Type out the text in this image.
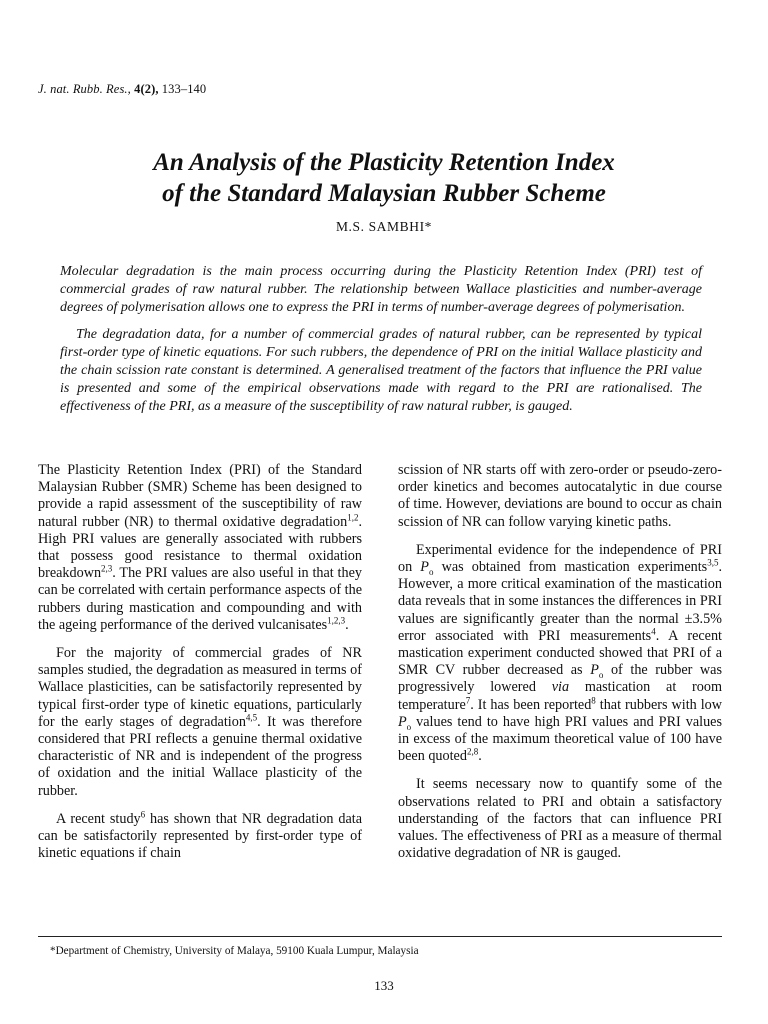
J. nat. Rubb. Res., 4(2), 133–140
An Analysis of the Plasticity Retention Index
of the Standard Malaysian Rubber Scheme
M.S. SAMBHI*

Molecular degradation is the main process occurring during the Plasticity Retention Index (PRI) test of commercial grades of raw natural rubber. The relationship between Wallace plasticities and number-average degrees of polymerisation allows one to express the PRI in terms of number-average degrees of polymerisation.

The degradation data, for a number of commercial grades of natural rubber, can be represented by typical first-order type of kinetic equations. For such rubbers, the dependence of PRI on the initial Wallace plasticity and the chain scission rate constant is determined. A generalised treatment of the factors that influence the PRI value is presented and some of the empirical observations made with regard to the PRI are rationalised. The effectiveness of the PRI, as a measure of the susceptibility of raw natural rubber, is gauged.

The Plasticity Retention Index (PRI) of the Standard Malaysian Rubber (SMR) Scheme has been designed to provide a rapid assessment of the susceptibility of raw natural rubber (NR) to thermal oxidative degradation$^{1,2}$. High PRI values are generally associated with rubbers that possess good resistance to thermal oxidation breakdown$^{2,3}$. The PRI values are also useful in that they can be correlated with certain performance aspects of the rubbers during mastication and compounding and with the ageing performance of the derived vulcanisates$^{1,2,3}$.

For the majority of commercial grades of NR samples studied, the degradation as measured in terms of Wallace plasticities, can be satisfactorily represented by typical first-order type of kinetic equations, particularly for the early stages of degradation$^{4,5}$. It was therefore considered that PRI reflects a genuine thermal oxidative characteristic of NR and is independent of the progress of oxidation and the initial Wallace plasticity of the rubber.

A recent study$^6$ has shown that NR degradation data can be satisfactorily represented by first-order type of kinetic equations if chain

scission of NR starts off with zero-order or pseudo-zero-order kinetics and becomes autocatalytic in due course of time. However, deviations are bound to occur as chain scission of NR can follow varying kinetic paths.

Experimental evidence for the independence of PRI on $P_o$ was obtained from mastication experiments$^{3,5}$. However, a more critical examination of the mastication data reveals that in some instances the differences in PRI values are significantly greater than the normal ±3.5% error associated with PRI measurements$^4$. A recent mastication experiment conducted showed that PRI of a SMR CV rubber decreased as $P_o$ of the rubber was progressively lowered via mastication at room temperature$^7$. It has been reported$^8$ that rubbers with low $P_o$ values tend to have high PRI values and PRI values in excess of the maximum theoretical value of 100 have been quoted$^{2,8}$.

It seems necessary now to quantify some of the observations related to PRI and obtain a satisfactory understanding of the factors that can influence PRI values. The effectiveness of PRI as a measure of thermal oxidative degradation of NR is gauged.

*Department of Chemistry, University of Malaya, 59100 Kuala Lumpur, Malaysia
133
